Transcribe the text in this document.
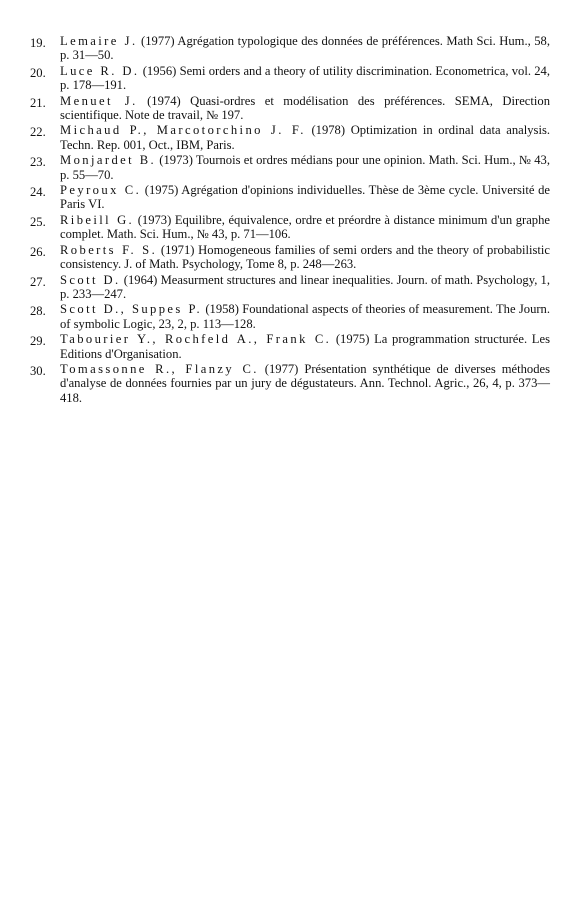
19.	Lemaire J. (1977) Agrégation typologique des données de préférences. Math Sci. Hum., 58, p. 31—50.
20.	Luce R. D. (1956) Semi orders and a theory of utility discrimination. Econometrica, vol. 24, p. 178—191.
21.	Menuet J. (1974) Quasi-ordres et modélisation des préférences. SEMA, Direction scientifique. Note de travail, № 197.
22.	Michaud P., Marcotorchino J. F. (1978) Optimization in ordinal data analysis. Techn. Rep. 001, Oct., IBM, Paris.
23.	Monjardet B. (1973) Tournois et ordres médians pour une opinion. Math. Sci. Hum., № 43, p. 55—70.
24.	Peyroux C. (1975) Agrégation d'opinions individuelles. Thèse de 3ème cycle. Université de Paris VI.
25.	Ribeill G. (1973) Equilibre, équivalence, ordre et préordre à distance minimum d'un graphe complet. Math. Sci. Hum., № 43, p. 71—106.
26.	Roberts F. S. (1971) Homogeneous families of semi orders and the theory of probabilistic consistency. J. of Math. Psychology, Tome 8, p. 248—263.
27.	Scott D. (1964) Measurment structures and linear inequalities. Journ. of math. Psychology, 1, p. 233—247.
28.	Scott D., Suppes P. (1958) Foundational aspects of theories of measurement. The Journ. of symbolic Logic, 23, 2, p. 113—128.
29.	Tabourier Y., Rochfeld A., Frank C. (1975) La programmation structurée. Les Editions d'Organisation.
30.	Tomassonne R., Flanzy C. (1977) Présentation synthétique de diverses méthodes d'analyse de données fournies par un jury de dégustateurs. Ann. Technol. Agric., 26, 4, p. 373—418.
